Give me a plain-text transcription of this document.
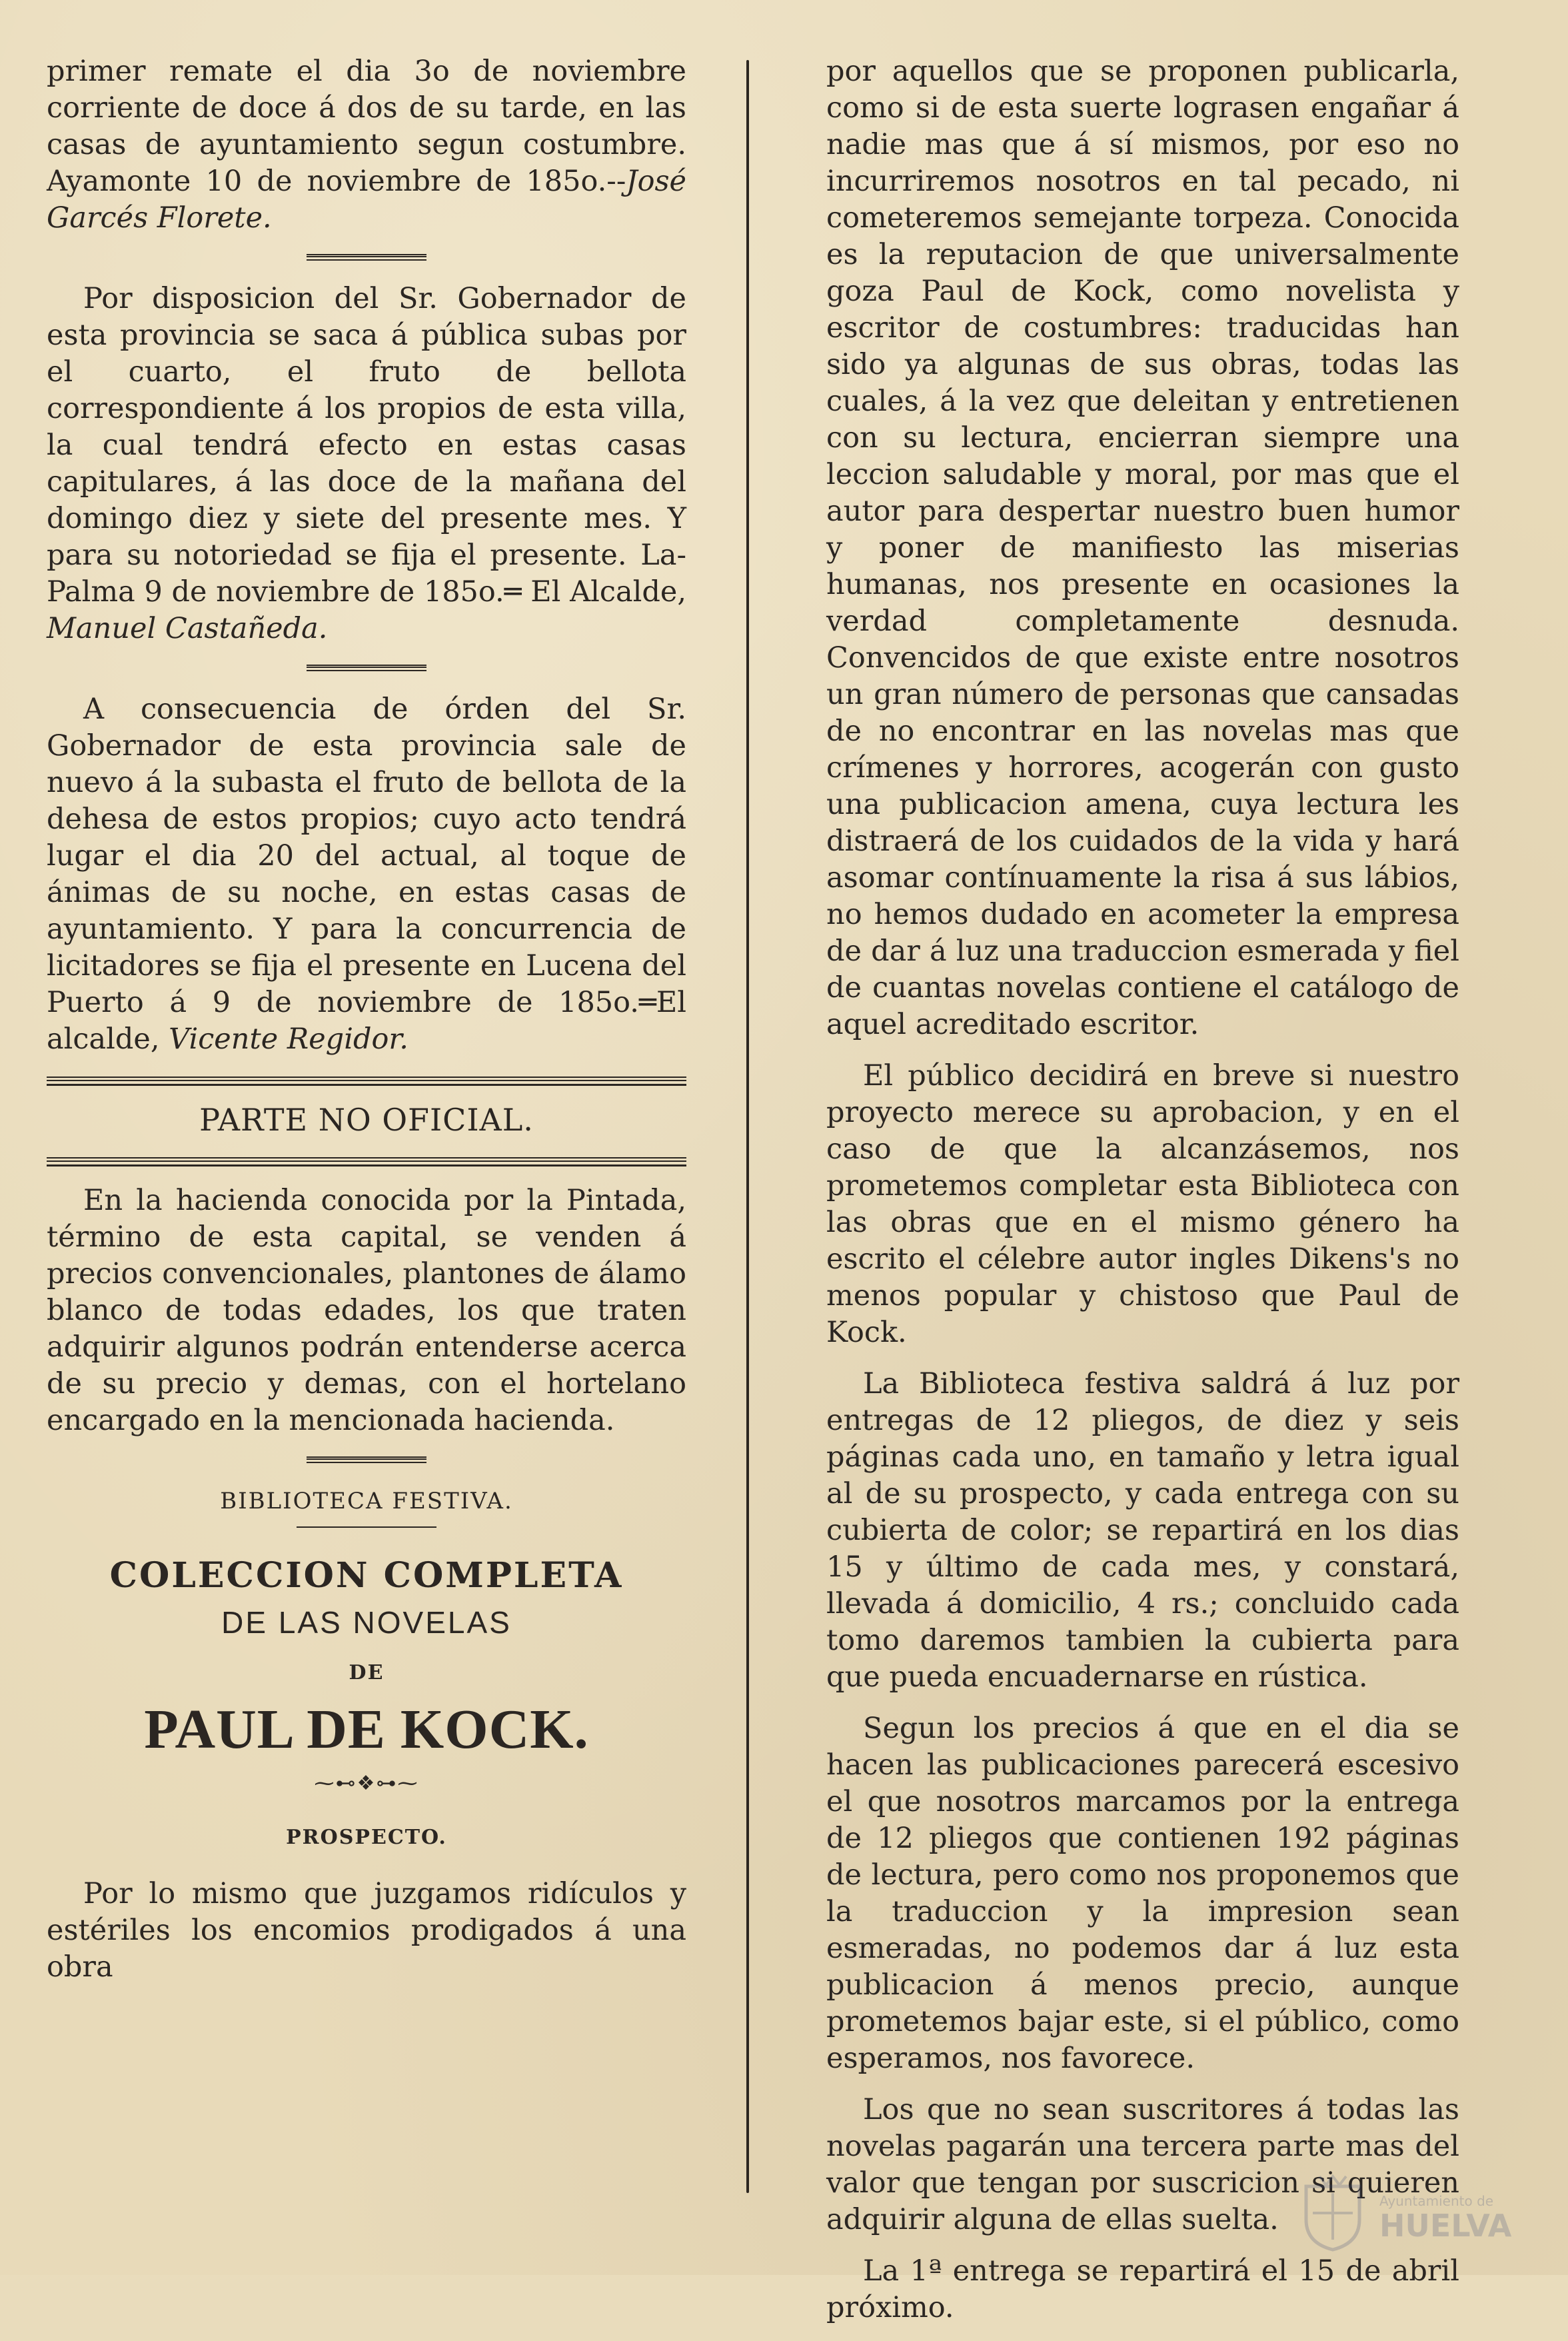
primer remate el dia 3o de noviembre corriente de doce á dos de su tarde, en las casas de ayuntamiento segun costumbre. Ayamonte 10 de noviembre de 185o.--José Garcés Florete.

Por disposicion del Sr. Gobernador de esta provincia se saca á pública subas por el cuarto, el fruto de bellota correspondiente á los propios de esta villa, la cual tendrá efecto en estas casas capitulares, á las doce de la mañana del domingo diez y siete del presente mes. Y para su notoriedad se fija el presente. La-Palma 9 de noviembre de 185o.═ El Alcalde, Manuel Castañeda.

A consecuencia de órden del Sr. Gobernador de esta provincia sale de nuevo á la subasta el fruto de bellota de la dehesa de estos propios; cuyo acto tendrá lugar el dia 20 del actual, al toque de ánimas de su noche, en estas casas de ayuntamiento. Y para la concurrencia de licitadores se fija el presente en Lucena del Puerto á 9 de noviembre de 185o.═El alcalde, Vicente Regidor.

PARTE NO OFICIAL.

En la hacienda conocida por la Pintada, término de esta capital, se venden á precios convencionales, plantones de álamo blanco de todas edades, los que traten adquirir algunos podrán entenderse acerca de su precio y demas, con el hortelano encargado en la mencionada hacienda.

BIBLIOTECA FESTIVA.
COLECCION COMPLETA
DE LAS NOVELAS
DE
PAUL DE KOCK.
⁓⊷❖⊶⁓
PROSPECTO.

Por lo mismo que juzgamos ridículos y estériles los encomios prodigados á una obra

por aquellos que se proponen publicarla, como si de esta suerte lograsen engañar á nadie mas que á sí mismos, por eso no incurriremos nosotros en tal pecado, ni cometeremos semejante torpeza. Conocida es la reputacion de que universalmente goza Paul de Kock, como novelista y escritor de costumbres: traducidas han sido ya algunas de sus obras, todas las cuales, á la vez que deleitan y entretienen con su lectura, encierran siempre una leccion saludable y moral, por mas que el autor para despertar nuestro buen humor y poner de manifiesto las miserias humanas, nos presente en ocasiones la verdad completamente desnuda. Convencidos de que existe entre nosotros un gran número de personas que cansadas de no encontrar en las novelas mas que crímenes y horrores, acogerán con gusto una publicacion amena, cuya lectura les distraerá de los cuidados de la vida y hará asomar contínuamente la risa á sus lábios, no hemos dudado en acometer la empresa de dar á luz una traduccion esmerada y fiel de cuantas novelas contiene el catálogo de aquel acreditado escritor.

El público decidirá en breve si nuestro proyecto merece su aprobacion, y en el caso de que la alcanzásemos, nos prometemos completar esta Biblioteca con las obras que en el mismo género ha escrito el célebre autor ingles Dikens's no menos popular y chistoso que Paul de Kock.

La Biblioteca festiva saldrá á luz por entregas de 12 pliegos, de diez y seis páginas cada uno, en tamaño y letra igual al de su prospecto, y cada entrega con su cubierta de color; se repartirá en los dias 15 y último de cada mes, y constará, llevada á domicilio, 4 rs.; concluido cada tomo daremos tambien la cubierta para que pueda encuadernarse en rústica.

Segun los precios á que en el dia se hacen las publicaciones parecerá escesivo el que nosotros marcamos por la entrega de 12 pliegos que contienen 192 páginas de lectura, pero como nos proponemos que la traduccion y la impresion sean esmeradas, no podemos dar á luz esta publicacion á menos precio, aunque prometemos bajar este, si el público, como esperamos, nos favorece.

Los que no sean suscritores á todas las novelas pagarán una tercera parte mas del valor que tengan por suscricion si quieren adquirir alguna de ellas suelta.

La 1ª entrega se repartirá el 15 de abril próximo.

Ayuntamiento de
HUELVA
